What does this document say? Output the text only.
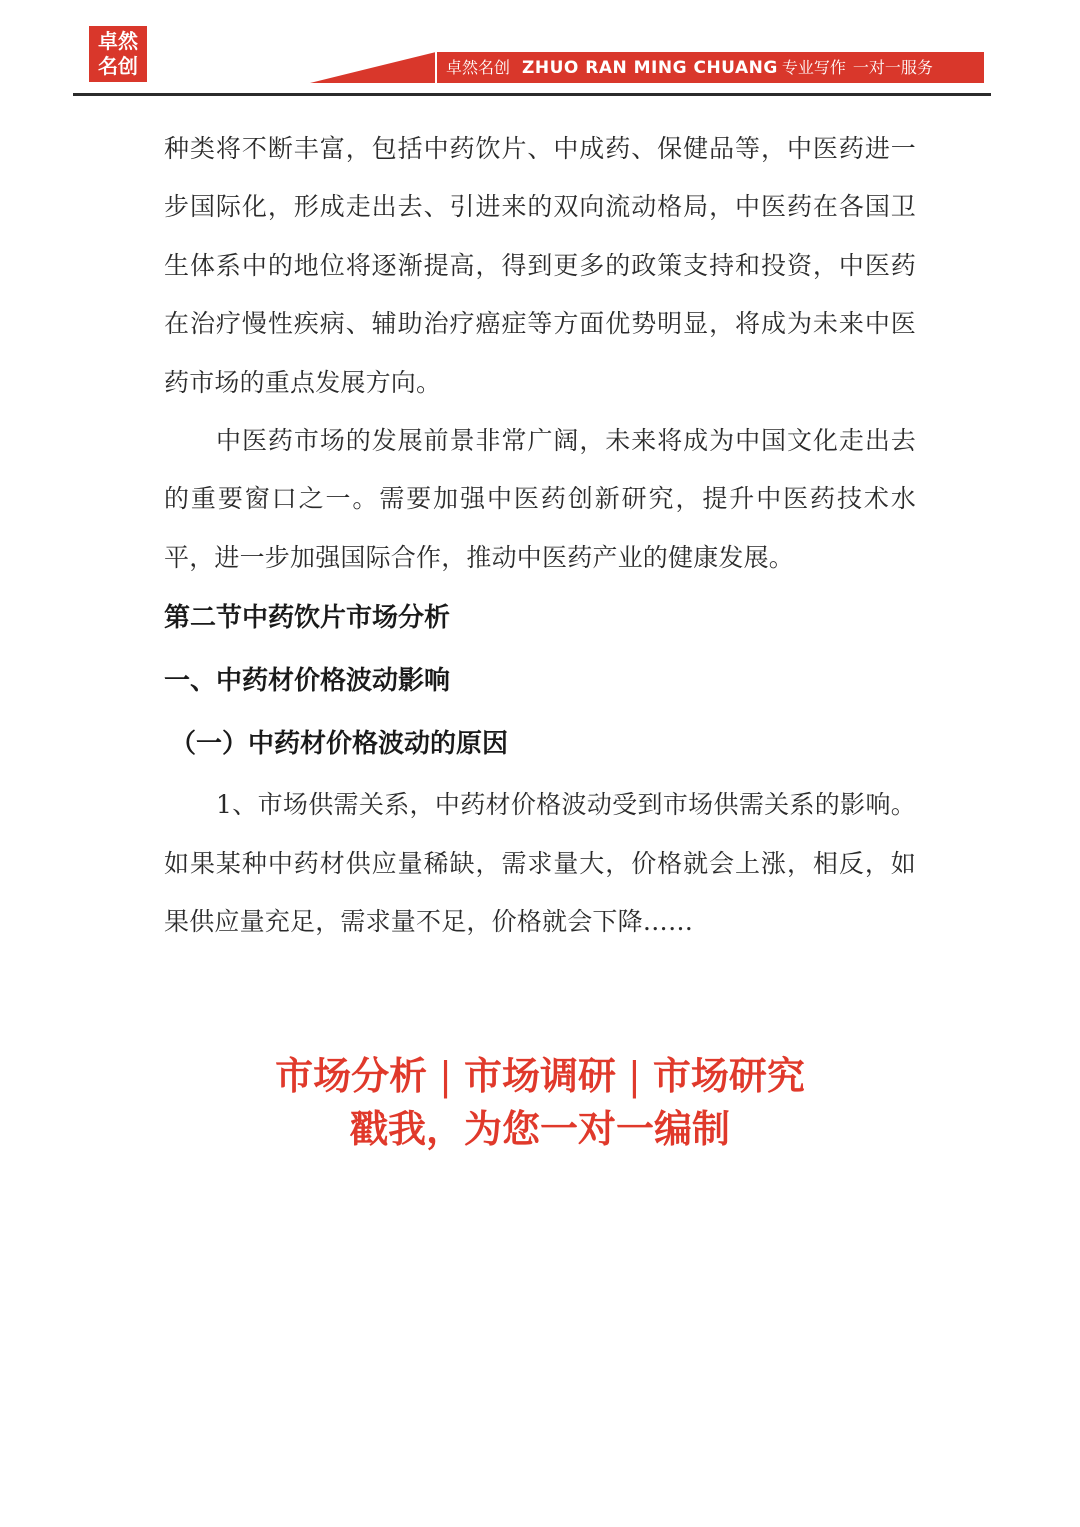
卓然
名创	卓然名创 ZHUO RAN MING CHUANG 专业写作 一对一服务

种类将不断丰富，包括中药饮片、中成药、保健品等，中医药进一步国际化，形成走出去、引进来的双向流动格局，中医药在各国卫生体系中的地位将逐渐提高，得到更多的政策支持和投资，中医药在治疗慢性疾病、辅助治疗癌症等方面优势明显，将成为未来中医药市场的重点发展方向。

中医药市场的发展前景非常广阔，未来将成为中国文化走出去的重要窗口之一。需要加强中医药创新研究，提升中医药技术水平，进一步加强国际合作，推动中医药产业的健康发展。

第二节中药饮片市场分析
一、中药材价格波动影响
（一）中药材价格波动的原因

1、市场供需关系，中药材价格波动受到市场供需关系的影响。如果某种中药材供应量稀缺，需求量大，价格就会上涨，相反，如果供应量充足，需求量不足，价格就会下降……

市场分析 | 市场调研 | 市场研究
戳我，为您一对一编制
